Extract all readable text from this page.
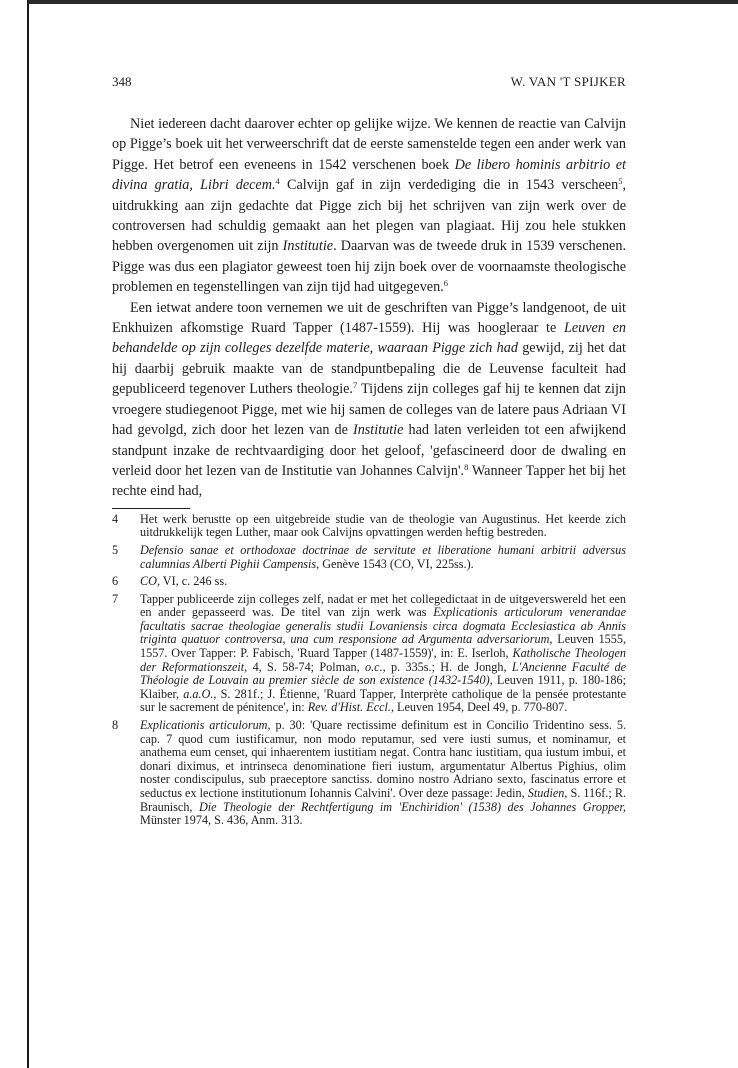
348	W. VAN 'T SPIJKER

Niet iedereen dacht daarover echter op gelijke wijze. We kennen de reactie van Calvijn op Pigge’s boek uit het verweerschrift dat de eerste samenstelde tegen een ander werk van Pigge. Het betrof een eveneens in 1542 verschenen boek De libero hominis arbitrio et divina gratia, Libri decem.$^4$ Calvijn gaf in zijn verdediging die in 1543 verscheen$^5$, uitdrukking aan zijn gedachte dat Pigge zich bij het schrijven van zijn werk over de controversen had schuldig gemaakt aan het plegen van plagiaat. Hij zou hele stukken hebben overgenomen uit zijn Institutie. Daarvan was de tweede druk in 1539 verschenen. Pigge was dus een plagiator geweest toen hij zijn boek over de voornaamste theologische problemen en tegenstellingen van zijn tijd had uitgegeven.$^6$

Een ietwat andere toon vernemen we uit de geschriften van Pigge’s landgenoot, de uit Enkhuizen afkomstige Ruard Tapper (1487-1559). Hij was hoogleraar te Leuven en behandelde op zijn colleges dezelfde materie, waaraan Pigge zich had gewijd, zij het dat hij daarbij gebruik maakte van de standpuntbepaling die de Leuvense faculteit had gepubliceerd tegenover Luthers theologie.$^7$ Tijdens zijn colleges gaf hij te kennen dat zijn vroegere studiegenoot Pigge, met wie hij samen de colleges van de latere paus Adriaan VI had gevolgd, zich door het lezen van de Institutie had laten verleiden tot een afwijkend standpunt inzake de rechtvaardiging door het geloof, 'gefascineerd door de dwaling en verleid door het lezen van de Institutie van Johannes Calvijn'.$^8$ Wanneer Tapper het bij het rechte eind had,

4 Het werk berustte op een uitgebreide studie van de theologie van Augustinus. Het keerde zich uitdrukkelijk tegen Luther, maar ook Calvijns opvattingen werden heftig bestreden.
5 Defensio sanae et orthodoxae doctrinae de servitute et liberatione humani arbitrii adversus calumnias Alberti Pighii Campensis, Genève 1543 (CO, VI, 225ss.).
6 CO, VI, c. 246 ss.
7 Tapper publiceerde zijn colleges zelf, nadat er met het collegedictaat in de uitgeverswereld het een en ander gepasseerd was. De titel van zijn werk was Explicationis articulorum venerandae facultatis sacrae theologiae generalis studii Lovaniensis circa dogmata Ecclesiastica ab Annis triginta quatuor controversa, una cum responsione ad Argumenta adversariorum, Leuven 1555, 1557. Over Tapper: P. Fabisch, 'Ruard Tapper (1487-1559)', in: E. Iserloh, Katholische Theologen der Reformationszeit, 4, S. 58-74; Polman, o.c., p. 335s.; H. de Jongh, L'Ancienne Faculté de Théologie de Louvain au premier siècle de son existence (1432-1540), Leuven 1911, p. 180-186; Klaiber, a.a.O., S. 281f.; J. Étienne, 'Ruard Tapper, Interprète catholique de la pensée protestante sur le sacrement de pénitence', in: Rev. d'Hist. Eccl., Leuven 1954, Deel 49, p. 770-807.
8 Explicationis articulorum, p. 30: 'Quare rectissime definitum est in Concilio Tridentino sess. 5. cap. 7 quod cum iustificamur, non modo reputamur, sed vere iusti sumus, et nominamur, et anathema eum censet, qui inhaerentem iustitiam negat. Contra hanc iustitiam, qua iustum imbui, et donari diximus, et intrinseca denominatione fieri iustum, argumentatur Albertus Pighius, olim noster condiscipulus, sub praeceptore sanctiss. domino nostro Adriano sexto, fascinatus errore et seductus ex lectione institutionum Iohannis Calvini'. Over deze passage: Jedin, Studien, S. 116f.; R. Braunisch, Die Theologie der Rechtfertigung im 'Enchiridion' (1538) des Johannes Gropper, Münster 1974, S. 436, Anm. 313.
